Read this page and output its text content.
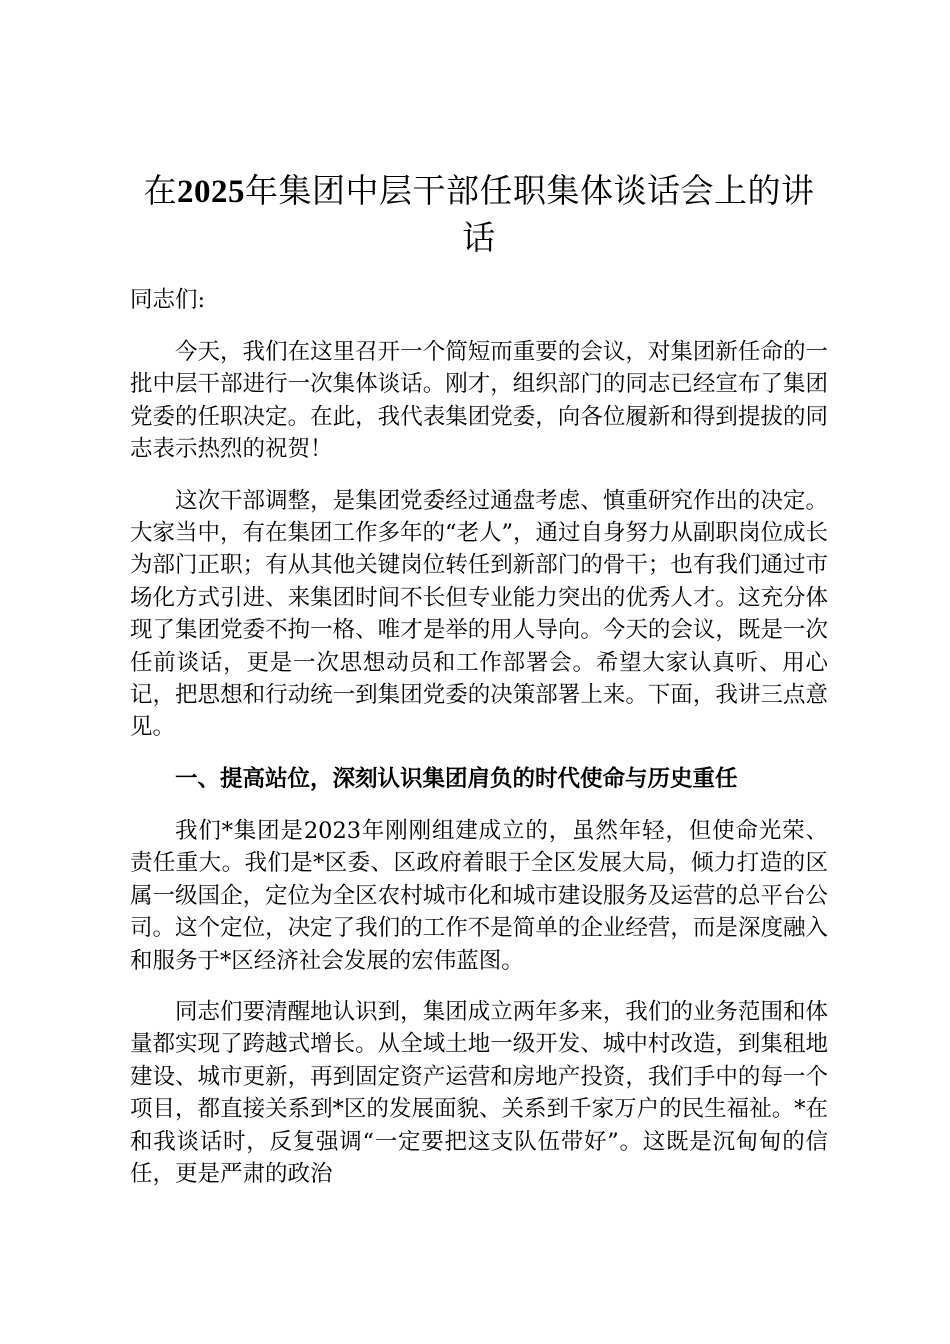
在2025年集团中层干部任职集体谈话会上的讲话

同志们:

今天，我们在这里召开一个简短而重要的会议，对集团新任命的一批中层干部进行一次集体谈话。刚才，组织部门的同志已经宣布了集团党委的任职决定。在此，我代表集团党委，向各位履新和得到提拔的同志表示热烈的祝贺！

这次干部调整，是集团党委经过通盘考虑、慎重研究作出的决定。大家当中，有在集团工作多年的“老人”，通过自身努力从副职岗位成长为部门正职；有从其他关键岗位转任到新部门的骨干；也有我们通过市场化方式引进、来集团时间不长但专业能力突出的优秀人才。这充分体现了集团党委不拘一格、唯才是举的用人导向。今天的会议，既是一次任前谈话，更是一次思想动员和工作部署会。希望大家认真听、用心记，把思想和行动统一到集团党委的决策部署上来。下面，我讲三点意见。

一、提高站位，深刻认识集团肩负的时代使命与历史重任

我们*集团是2023年刚刚组建成立的，虽然年轻，但使命光荣、责任重大。我们是*区委、区政府着眼于全区发展大局，倾力打造的区属一级国企，定位为全区农村城市化和城市建设服务及运营的总平台公司。这个定位，决定了我们的工作不是简单的企业经营，而是深度融入和服务于*区经济社会发展的宏伟蓝图。

同志们要清醒地认识到，集团成立两年多来，我们的业务范围和体量都实现了跨越式增长。从全域土地一级开发、城中村改造，到集租地建设、城市更新，再到固定资产运营和房地产投资，我们手中的每一个项目，都直接关系到*区的发展面貌、关系到千家万户的民生福祉。*在和我谈话时，反复强调“一定要把这支队伍带好”。这既是沉甸甸的信任，更是严肃的政治
